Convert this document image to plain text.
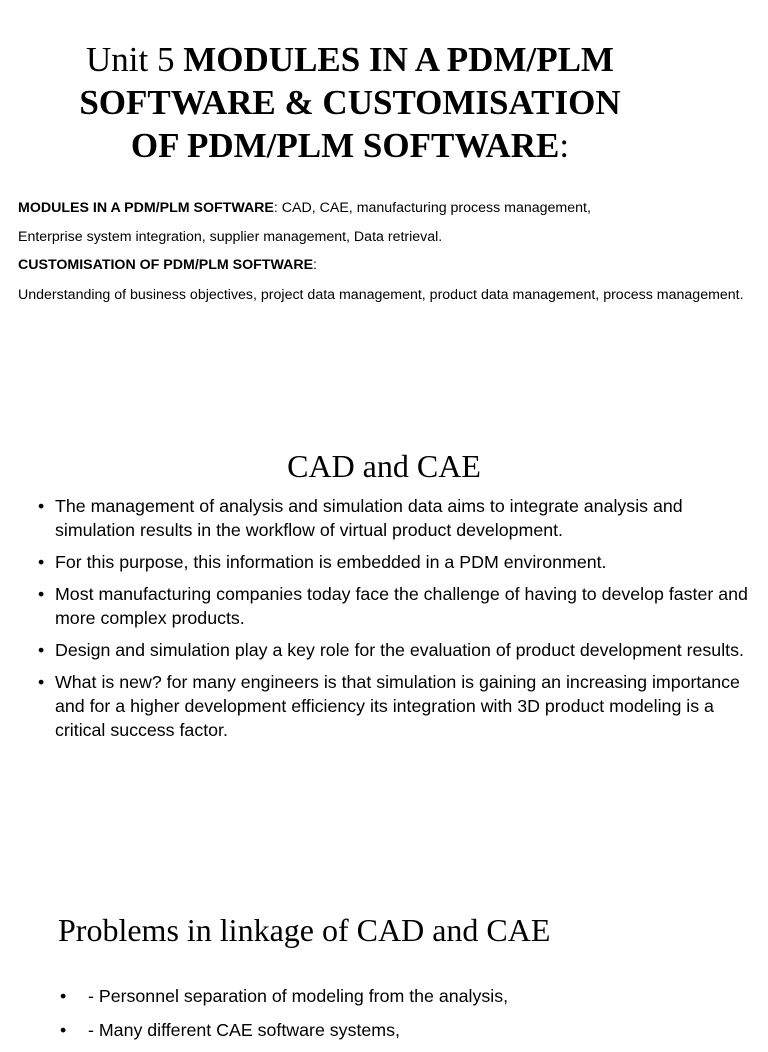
Unit 5 MODULES IN A PDM/PLM
SOFTWARE & CUSTOMISATION
OF PDM/PLM SOFTWARE:

MODULES IN A PDM/PLM SOFTWARE: CAD, CAE, manufacturing process management,

Enterprise system integration, supplier management, Data retrieval.

CUSTOMISATION OF PDM/PLM SOFTWARE:

Understanding of business objectives, project data management, product data management, process management.

CAD and CAE
• The management of analysis and simulation data aims to integrate analysis and simulation results in the workflow of virtual product development.
• For this purpose, this information is embedded in a PDM environment.
• Most manufacturing companies today face the challenge of having to develop faster and more complex products.
• Design and simulation play a key role for the evaluation of product development results.
• What is new? for many engineers is that simulation is gaining an increasing importance and for a higher development efficiency its integration with 3D product modeling is a critical success factor.
Problems in linkage of CAD and CAE
• - Personnel separation of modeling from the analysis,
• - Many different CAE software systems,
